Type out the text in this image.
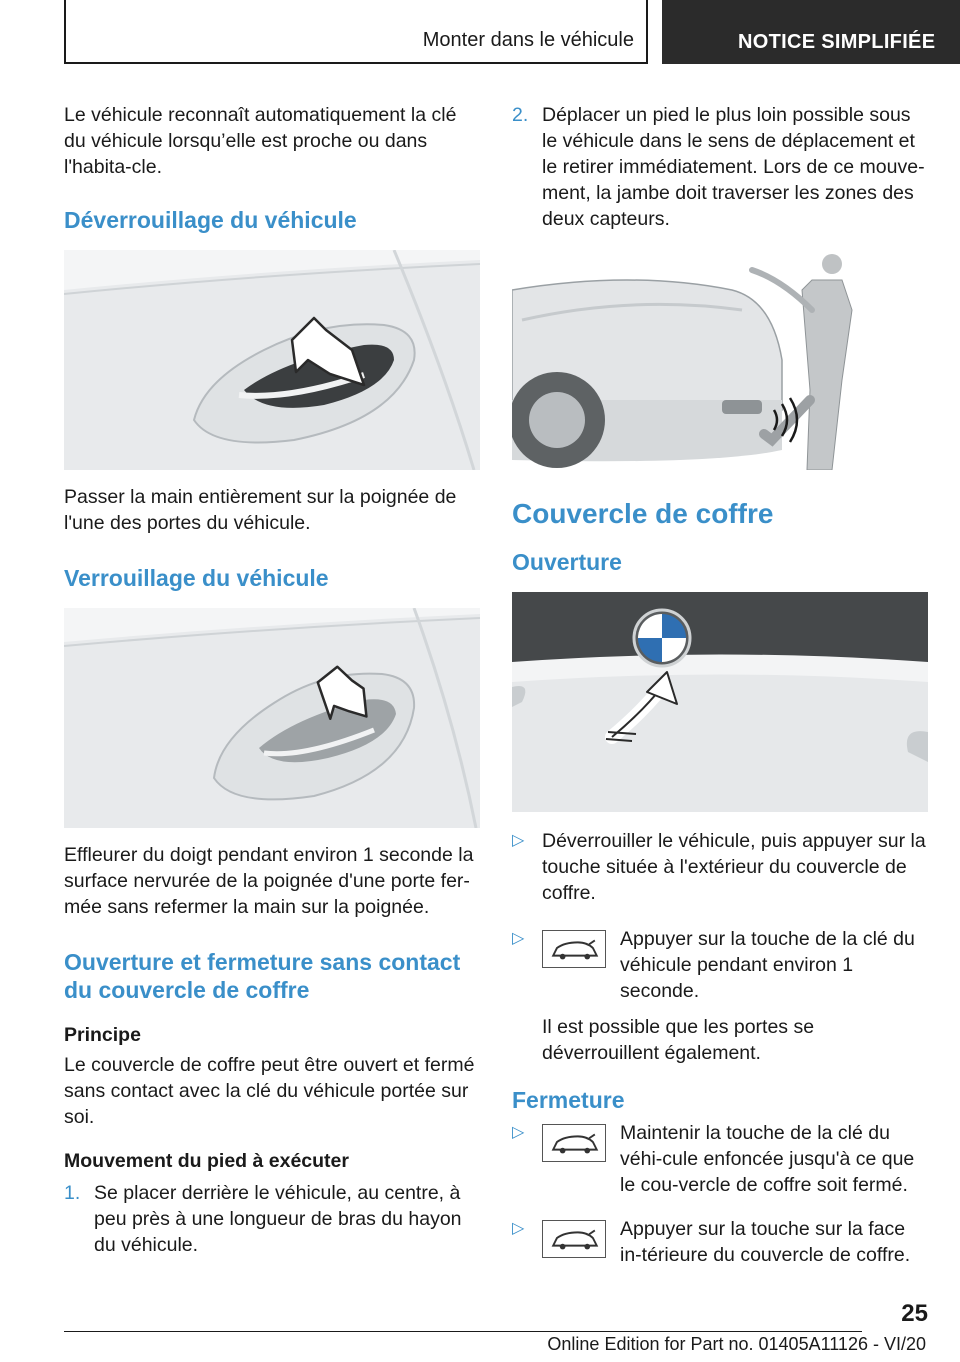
Monter dans le véhicule	NOTICE SIMPLIFIÉE

Le véhicule reconnaît automatiquement la clé du véhicule lorsqu’elle est proche ou dans l'habita-cle.

Déverrouillage du véhicule

Passer la main entièrement sur la poignée de l'une des portes du véhicule.

Verrouillage du véhicule

Effleurer du doigt pendant environ 1 seconde la surface nervurée de la poignée d'une porte fer-mée sans refermer la main sur la poignée.

Ouverture et fermeture sans contact du couvercle de coffre
Principe

Le couvercle de coffre peut être ouvert et fermé sans contact avec la clé du véhicule portée sur soi.

Mouvement du pied à exécuter
1. Se placer derrière le véhicule, au centre, à peu près à une longueur de bras du hayon du véhicule.

2. Déplacer un pied le plus loin possible sous le véhicule dans le sens de déplacement et le retirer immédiatement. Lors de ce mouve-ment, la jambe doit traverser les zones des deux capteurs.

Couvercle de coffre
Ouverture
▷ Déverrouiller le véhicule, puis appuyer sur la touche située à l'extérieur du couvercle de coffre.

▷	Appuyer sur la touche de la clé du véhicule pendant environ 1 seconde.

Il est possible que les portes se déverrouillent également.

Fermeture
▷	Maintenir la touche de la clé du véhi-cule enfoncée jusqu'à ce que le cou-vercle de coffre soit fermé.

▷	Appuyer sur la touche sur la face in-térieure du couvercle de coffre.

25
Online Edition for Part no. 01405A11126 - VI/20
